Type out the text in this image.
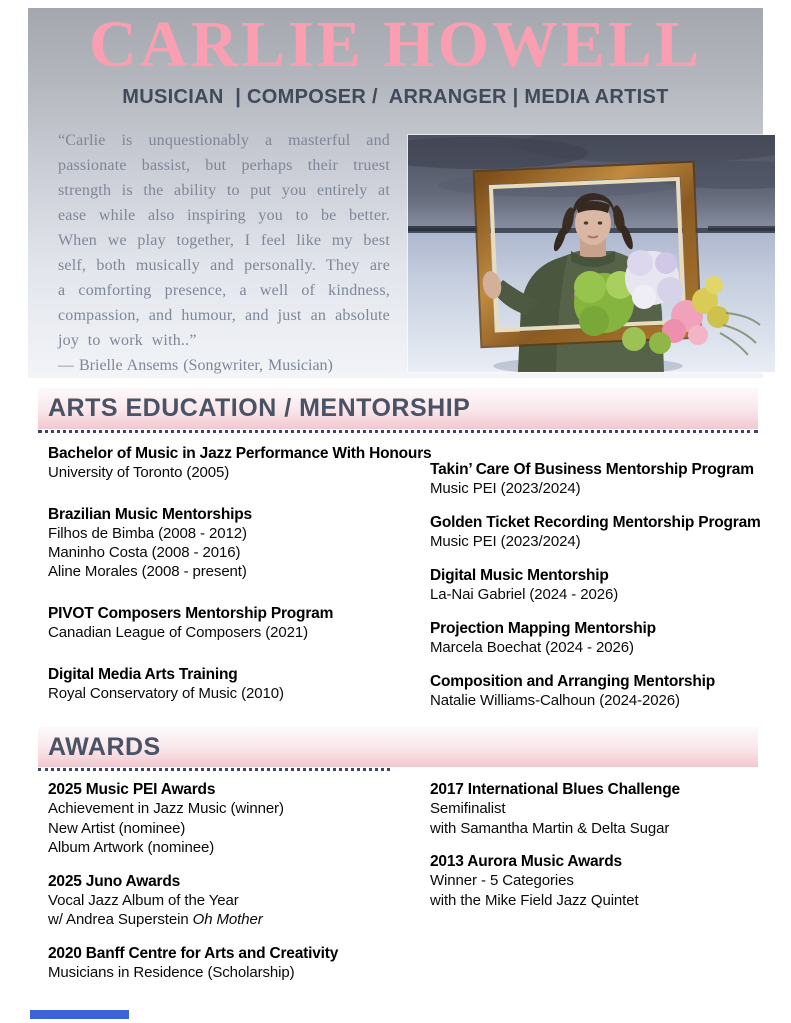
CARLIE HOWELL
MUSICIAN  | COMPOSER /  ARRANGER | MEDIA ARTIST

“Carlie is unquestionably a masterful and passionate bassist, but perhaps their truest strength is the ability to put you entirely at ease while also inspiring you to be better. When we play together, I feel like my best self, both musically and personally. They are a comforting presence, a well of kindness, compassion, and humour, and just an absolute joy to work with..”

— Brielle Ansems (Songwriter, Musician)

ARTS EDUCATION / MENTORSHIP
Bachelor of Music in Jazz Performance With Honours
University of Toronto (2005)
Brazilian Music Mentorships
Filhos de Bimba (2008 - 2012)
Maninho Costa (2008 - 2016)
Aline Morales (2008 - present)
PIVOT Composers Mentorship Program
Canadian League of Composers (2021)
Digital Media Arts Training
Royal Conservatory of Music (2010)
Takin’ Care Of Business Mentorship Program
Music PEI (2023/2024)
Golden Ticket Recording Mentorship Program
Music PEI (2023/2024)
Digital Music Mentorship
La-Nai Gabriel (2024 - 2026)
Projection Mapping Mentorship
Marcela Boechat (2024 - 2026)
Composition and Arranging Mentorship
Natalie Williams-Calhoun (2024-2026)
AWARDS
2025 Music PEI Awards
Achievement in Jazz Music (winner)
New Artist (nominee)
Album Artwork (nominee)
2025 Juno Awards
Vocal Jazz Album of the Year
w/ Andrea Superstein Oh Mother
2020 Banff Centre for Arts and Creativity
Musicians in Residence (Scholarship)
2017 International Blues Challenge
Semifinalist
with Samantha Martin & Delta Sugar
2013 Aurora Music Awards
Winner - 5 Categories
with the Mike Field Jazz Quintet
